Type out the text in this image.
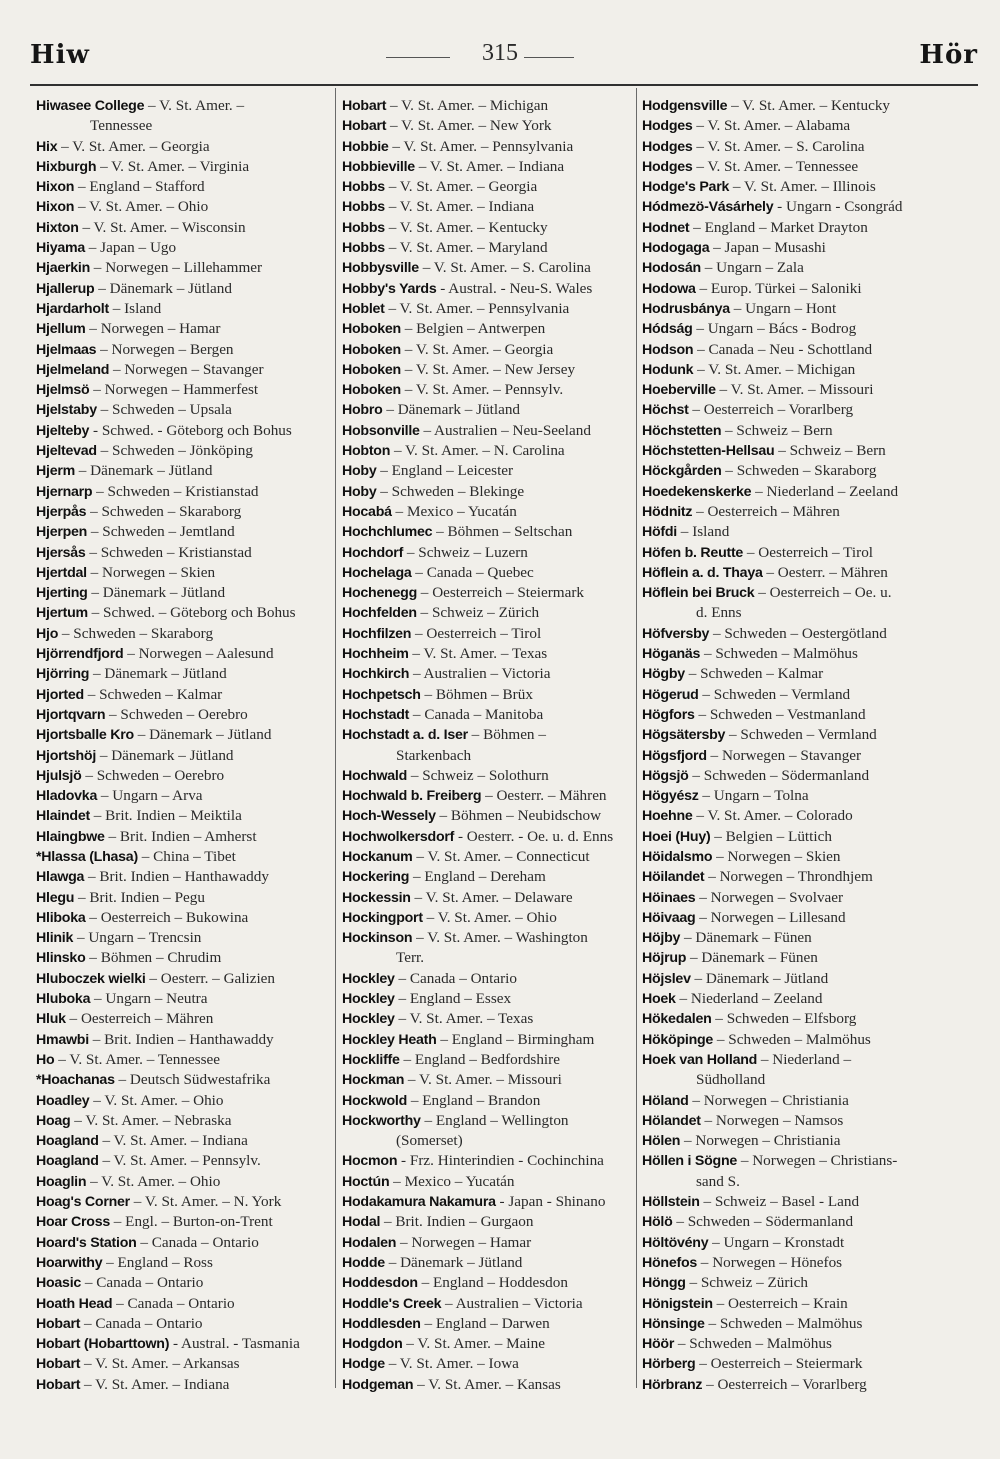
Hiw	315	Hör
Hiwasee College – V. St. Amer. –
Tennessee
Hix – V. St. Amer. – Georgia
Hixburgh – V. St. Amer. – Virginia
Hixon – England – Stafford
Hixon – V. St. Amer. – Ohio
Hixton – V. St. Amer. – Wisconsin
Hiyama – Japan – Ugo
Hjaerkin – Norwegen – Lillehammer
Hjallerup – Dänemark – Jütland
Hjardarholt – Island
Hjellum – Norwegen – Hamar
Hjelmaas – Norwegen – Bergen
Hjelmeland – Norwegen – Stavanger
Hjelmsö – Norwegen – Hammerfest
Hjelstaby – Schweden – Upsala
Hjelteby - Schwed. - Göteborg och Bohus
Hjeltevad – Schweden – Jönköping
Hjerm – Dänemark – Jütland
Hjernarp – Schweden – Kristianstad
Hjerpås – Schweden – Skaraborg
Hjerpen – Schweden – Jemtland
Hjersås – Schweden – Kristianstad
Hjertdal – Norwegen – Skien
Hjerting – Dänemark – Jütland
Hjertum – Schwed. – Göteborg och Bohus
Hjo – Schweden – Skaraborg
Hjörrendfjord – Norwegen – Aalesund
Hjörring – Dänemark – Jütland
Hjorted – Schweden – Kalmar
Hjortqvarn – Schweden – Oerebro
Hjortsballe Kro – Dänemark – Jütland
Hjortshöj – Dänemark – Jütland
Hjulsjö – Schweden – Oerebro
Hladovka – Ungarn – Arva
Hlaindet – Brit. Indien – Meiktila
Hlaingbwe – Brit. Indien – Amherst
*Hlassa (Lhasa) – China – Tibet
Hlawga – Brit. Indien – Hanthawaddy
Hlegu – Brit. Indien – Pegu
Hliboka – Oesterreich – Bukowina
Hlinik – Ungarn – Trencsin
Hlinsko – Böhmen – Chrudim
Hluboczek wielki – Oesterr. – Galizien
Hluboka – Ungarn – Neutra
Hluk – Oesterreich – Mähren
Hmawbi – Brit. Indien – Hanthawaddy
Ho – V. St. Amer. – Tennessee
*Hoachanas – Deutsch Südwestafrika
Hoadley – V. St. Amer. – Ohio
Hoag – V. St. Amer. – Nebraska
Hoagland – V. St. Amer. – Indiana
Hoagland – V. St. Amer. – Pennsylv.
Hoaglin – V. St. Amer. – Ohio
Hoag's Corner – V. St. Amer. – N. York
Hoar Cross – Engl. – Burton-on-Trent
Hoard's Station – Canada – Ontario
Hoarwithy – England – Ross
Hoasic – Canada – Ontario
Hoath Head – Canada – Ontario
Hobart – Canada – Ontario
Hobart (Hobarttown) - Austral. - Tasmania
Hobart – V. St. Amer. – Arkansas
Hobart – V. St. Amer. – Indiana
Hobart – V. St. Amer. – Michigan
Hobart – V. St. Amer. – New York
Hobbie – V. St. Amer. – Pennsylvania
Hobbieville – V. St. Amer. – Indiana
Hobbs – V. St. Amer. – Georgia
Hobbs – V. St. Amer. – Indiana
Hobbs – V. St. Amer. – Kentucky
Hobbs – V. St. Amer. – Maryland
Hobbysville – V. St. Amer. – S. Carolina
Hobby's Yards - Austral. - Neu-S. Wales
Hoblet – V. St. Amer. – Pennsylvania
Hoboken – Belgien – Antwerpen
Hoboken – V. St. Amer. – Georgia
Hoboken – V. St. Amer. – New Jersey
Hoboken – V. St. Amer. – Pennsylv.
Hobro – Dänemark – Jütland
Hobsonville – Australien – Neu-Seeland
Hobton – V. St. Amer. – N. Carolina
Hoby – England – Leicester
Hoby – Schweden – Blekinge
Hocabá – Mexico – Yucatán
Hochchlumec – Böhmen – Seltschan
Hochdorf – Schweiz – Luzern
Hochelaga – Canada – Quebec
Hochenegg – Oesterreich – Steiermark
Hochfelden – Schweiz – Zürich
Hochfilzen – Oesterreich – Tirol
Hochheim – V. St. Amer. – Texas
Hochkirch – Australien – Victoria
Hochpetsch – Böhmen – Brüx
Hochstadt – Canada – Manitoba
Hochstadt a. d. Iser – Böhmen –
Starkenbach
Hochwald – Schweiz – Solothurn
Hochwald b. Freiberg – Oesterr. – Mähren
Hoch-Wessely – Böhmen – Neubidschow
Hochwolkersdorf - Oesterr. - Oe. u. d. Enns
Hockanum – V. St. Amer. – Connecticut
Hockering – England – Dereham
Hockessin – V. St. Amer. – Delaware
Hockingport – V. St. Amer. – Ohio
Hockinson – V. St. Amer. – Washington
Terr.
Hockley – Canada – Ontario
Hockley – England – Essex
Hockley – V. St. Amer. – Texas
Hockley Heath – England – Birmingham
Hockliffe – England – Bedfordshire
Hockman – V. St. Amer. – Missouri
Hockwold – England – Brandon
Hockworthy – England – Wellington
(Somerset)
Hocmon - Frz. Hinterindien - Cochinchina
Hoctún – Mexico – Yucatán
Hodakamura Nakamura - Japan - Shinano
Hodal – Brit. Indien – Gurgaon
Hodalen – Norwegen – Hamar
Hodde – Dänemark – Jütland
Hoddesdon – England – Hoddesdon
Hoddle's Creek – Australien – Victoria
Hoddlesden – England – Darwen
Hodgdon – V. St. Amer. – Maine
Hodge – V. St. Amer. – Iowa
Hodgeman – V. St. Amer. – Kansas
Hodgensville – V. St. Amer. – Kentucky
Hodges – V. St. Amer. – Alabama
Hodges – V. St. Amer. – S. Carolina
Hodges – V. St. Amer. – Tennessee
Hodge's Park – V. St. Amer. – Illinois
Hódmezö-Vásárhely - Ungarn - Csongrád
Hodnet – England – Market Drayton
Hodogaga – Japan – Musashi
Hodosán – Ungarn – Zala
Hodowa – Europ. Türkei – Saloniki
Hodrusbánya – Ungarn – Hont
Hódság – Ungarn – Bács - Bodrog
Hodson – Canada – Neu - Schottland
Hodunk – V. St. Amer. – Michigan
Hoeberville – V. St. Amer. – Missouri
Höchst – Oesterreich – Vorarlberg
Höchstetten – Schweiz – Bern
Höchstetten-Hellsau – Schweiz – Bern
Höckgården – Schweden – Skaraborg
Hoedekenskerke – Niederland – Zeeland
Hödnitz – Oesterreich – Mähren
Höfdi – Island
Höfen b. Reutte – Oesterreich – Tirol
Höflein a. d. Thaya – Oesterr. – Mähren
Höflein bei Bruck – Oesterreich – Oe. u.
d. Enns
Höfversby – Schweden – Oestergötland
Höganäs – Schweden – Malmöhus
Högby – Schweden – Kalmar
Högerud – Schweden – Vermland
Högfors – Schweden – Vestmanland
Högsätersby – Schweden – Vermland
Högsfjord – Norwegen – Stavanger
Högsjö – Schweden – Södermanland
Högyész – Ungarn – Tolna
Hoehne – V. St. Amer. – Colorado
Hoei (Huy) – Belgien – Lüttich
Höidalsmo – Norwegen – Skien
Höilandet – Norwegen – Throndhjem
Höinaes – Norwegen – Svolvaer
Höivaag – Norwegen – Lillesand
Höjby – Dänemark – Fünen
Höjrup – Dänemark – Fünen
Höjslev – Dänemark – Jütland
Hoek – Niederland – Zeeland
Hökedalen – Schweden – Elfsborg
Hököpinge – Schweden – Malmöhus
Hoek van Holland – Niederland –
Südholland
Höland – Norwegen – Christiania
Hölandet – Norwegen – Namsos
Hölen – Norwegen – Christiania
Höllen i Sögne – Norwegen – Christians-
sand S.
Höllstein – Schweiz – Basel - Land
Hölö – Schweden – Södermanland
Höltövény – Ungarn – Kronstadt
Hönefos – Norwegen – Hönefos
Höngg – Schweiz – Zürich
Hönigstein – Oesterreich – Krain
Hönsinge – Schweden – Malmöhus
Höör – Schweden – Malmöhus
Hörberg – Oesterreich – Steiermark
Hörbranz – Oesterreich – Vorarlberg
